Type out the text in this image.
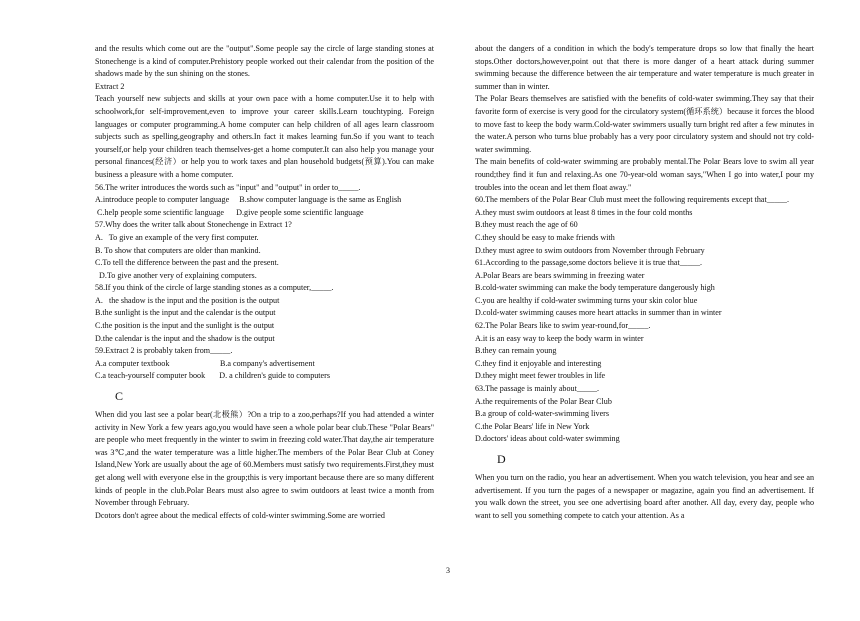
and the results which come out are the "output".Some people say the circle of large standing stones at Stonechenge is a kind of computer.Prehistory people worked out their calendar from the position of the shadows made by the sun shining on the stones.

Extract 2

Teach yourself new subjects and skills at your own pace with a home computer.Use it to help with schoolwork,for self-improvement,even to improve your career skills.Learn touchtyping. Foreign languages or computer programming.A home computer can help children of all ages learn classroom subjects such as spelling,geography and others.In fact it makes learning fun.So if you want to teach yourself,or help your children teach themselves-get a home computer.It can also help you manage your personal finances(经济）or help you to work taxes and plan household budgets(预算).You can make business a pleasure with a home computer.

56.The writer introduces the words such as "input" and "output" in order to_____.

A.introduce people to computer language     B.show computer language is the same as English

C.help people some scientific language      D.give people some scientific language

57.Why does the writer talk about Stonechenge in Extract 1?

A.   To give an example of the very first computer.

B. To show that computers are older than mankind.

C.To tell the difference between the past and the present.

D.To give another very of explaining computers.

58.If you think of the circle of large standing stones as a computer,_____.

A.   the shadow is the input and the position is the output

B.the sunlight is the input and the calendar is the output

C.the position is the input and the sunlight is the output

D.the calendar is the input and the shadow is the output

59.Extract 2 is probably taken from_____.

A.a computer textbook                         B.a company's advertisement

C.a teach-yourself computer book       D. a children's guide to computers

C

When did you last see a polar bear(北极熊）?On a trip to a zoo,perhaps?If you had attended a winter activity in New York a few years ago,you would have seen a whole polar bear club.These "Polar Bears" are people who meet frequently in the winter to swim in freezing cold water.That day,the air temperature was 3℃,and the water temperature was a little higher.The members of the Polar Bear Club at Coney Island,New York are usually about the age of 60.Members must satisfy two requirements.First,they must get along well with everyone else in the group;this is very important because there are so many different kinds of people in the club.Polar Bears must also agree to swim outdoors at least twice a month from November through February.

Dcotors don't agree about the medical effects of cold-winter swimming.Some are worried

about the dangers of a condition in which the body's temperature drops so low that finally the heart stops.Other doctors,however,point out that there is more danger of a heart attack during summer swimming because the difference between the air temperature and water temperature is much greater in summer than in winter.

The Polar Bears themselves are satisfied with the benefits of cold-water swimming.They say that their favorite form of exercise is very good for the circulatory system(循环系统）because it forces the blood to move fast to keep the body warm.Cold-water swimmers usually turn bright red after a few minutes in the water.A person who turns blue probably has a very poor circulatory system and should not try cold-water swimming.

The main benefits of cold-water swimming are probably mental.The Polar Bears love to swim all year round;they find it fun and relaxing.As one 70-year-old woman says,"When I go into water,I pour my troubles into the ocean and let them float away."

60.The members of the Polar Bear Club must meet the following requirements except that_____.

A.they must swim outdoors at least 8 times in the four cold months

B.they must reach the age of 60

C.they should be easy to make friends with

D.they must agree to swim outdoors from November through February

61.According to the passage,some doctors believe it is true that_____.

A.Polar Bears are bears swimming in freezing water

B.cold-water swimming can make the body temperature dangerously high

C.you are healthy if cold-water swimming turns your skin color blue

D.cold-water swimming causes more heart attacks in summer than in winter

62.The Polar Bears like to swim year-round,for_____.

A.it is an easy way to keep the body warm in winter

B.they can remain young

C.they find it enjoyable and interesting

D.they might meet fewer troubles in life

63.The passage is mainly about_____.

A.the requirements of the Polar Bear Club

B.a group of cold-water-swimming livers

C.the Polar Bears' life in New York

D.doctors' ideas about cold-water swimming

D

When you turn on the radio, you hear an advertisement. When you watch television, you hear and see an advertisement. If you turn the pages of a newspaper or magazine, again you find an advertisement. If you walk down the street, you see one advertising board after another. All day, every day, people who want to sell you something compete to catch your attention. As a

3
